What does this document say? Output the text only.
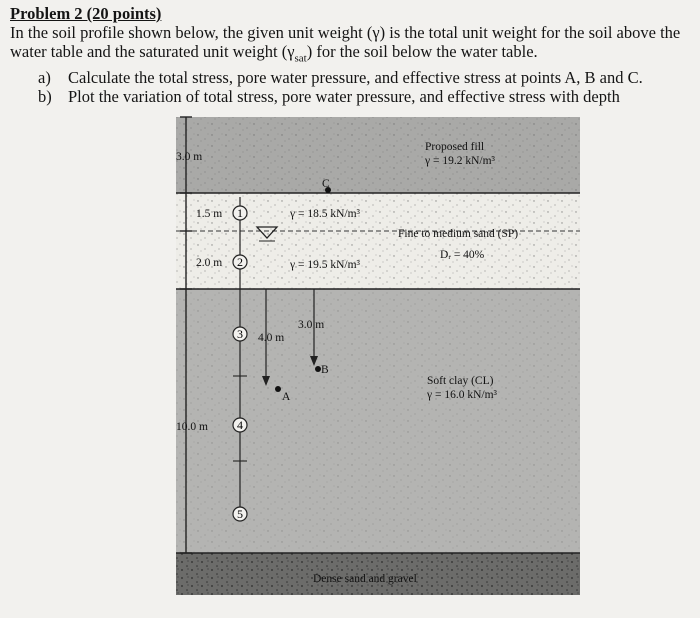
Problem 2 (20 points)
In the soil profile shown below, the given unit weight (γ) is the total unit weight for the soil above the water table and the saturated unit weight $(\gamma_{sat})$ for the soil below the water table.
a)	Calculate the total stress, pore water pressure, and effective stress at points A, B and C.
b) Plot the variation of total stress, pore water pressure, and effective stress with depth
1
2
3
4
5
3.0 m
1.5 m
2.0 m
10.0 m
Proposed fill
γ = 19.2 kN/m³
γ = 18.5 kN/m³
Fine to medium sand (SP)
γ = 19.5 kN/m³
Dᵣ = 40%
4.0 m
3.0 m
C
B
A
Soft clay (CL)
γ = 16.0 kN/m³
Dense sand and gravel
